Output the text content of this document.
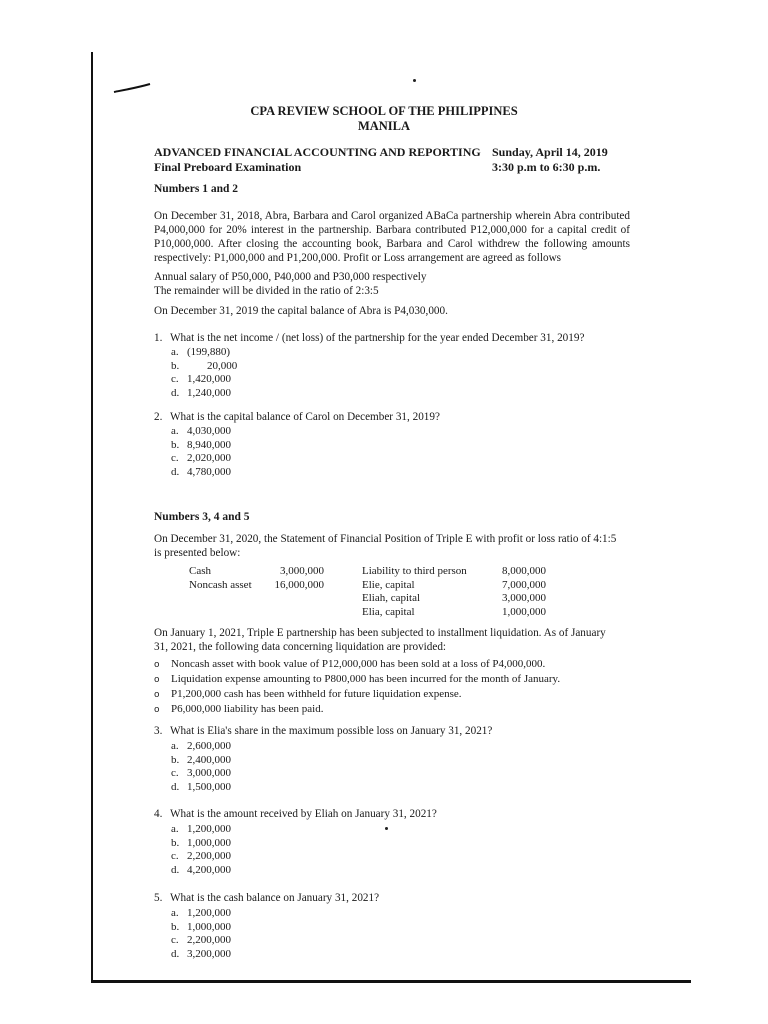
CPA REVIEW SCHOOL OF THE PHILIPPINES
MANILA
ADVANCED FINANCIAL ACCOUNTING AND REPORTING
Final Preboard Examination
Sunday, April 14, 2019
3:30 p.m to 6:30 p.m.
Numbers 1 and 2
On December 31, 2018, Abra, Barbara and Carol organized ABaCa partnership wherein Abra contributed P4,000,000 for 20% interest in the partnership. Barbara contributed P12,000,000 for a capital credit of P10,000,000. After closing the accounting book, Barbara and Carol withdrew the following amounts respectively: P1,000,000 and P1,200,000. Profit or Loss arrangement are agreed as follows
Annual salary of P50,000, P40,000 and P30,000 respectively
The remainder will be divided in the ratio of 2:3:5
On December 31, 2019 the capital balance of Abra is P4,030,000.
1. What is the net income / (net loss) of the partnership for the year ended December 31, 2019?
a. (199,880)
b.	20,000
c. 1,420,000
d. 1,240,000
2. What is the capital balance of Carol on December 31, 2019?
a. 4,030,000
b. 8,940,000
c. 2,020,000
d. 4,780,000
Numbers 3, 4 and 5
On December 31, 2020, the Statement of Financial Position of Triple E with profit or loss ratio of 4:1:5
is presented below:
Cash
Noncash asset
3,000,000
16,000,000
Liability to third person
Elie, capital
Eliah, capital
Elia, capital
8,000,000
7,000,000
3,000,000
1,000,000
On January 1, 2021, Triple E partnership has been subjected to installment liquidation. As of January
31, 2021, the following data concerning liquidation are provided:
o Noncash asset with book value of P12,000,000 has been sold at a loss of P4,000,000.
o Liquidation expense amounting to P800,000 has been incurred for the month of January.
o P1,200,000 cash has been withheld for future liquidation expense.
o P6,000,000 liability has been paid.
3. What is Elia's share in the maximum possible loss on January 31, 2021?
a. 2,600,000
b. 2,400,000
c. 3,000,000
d. 1,500,000
4. What is the amount received by Eliah on January 31, 2021?
a. 1,200,000
b. 1,000,000
c. 2,200,000
d. 4,200,000
5. What is the cash balance on January 31, 2021?
a. 1,200,000
b. 1,000,000
c. 2,200,000
d. 3,200,000
